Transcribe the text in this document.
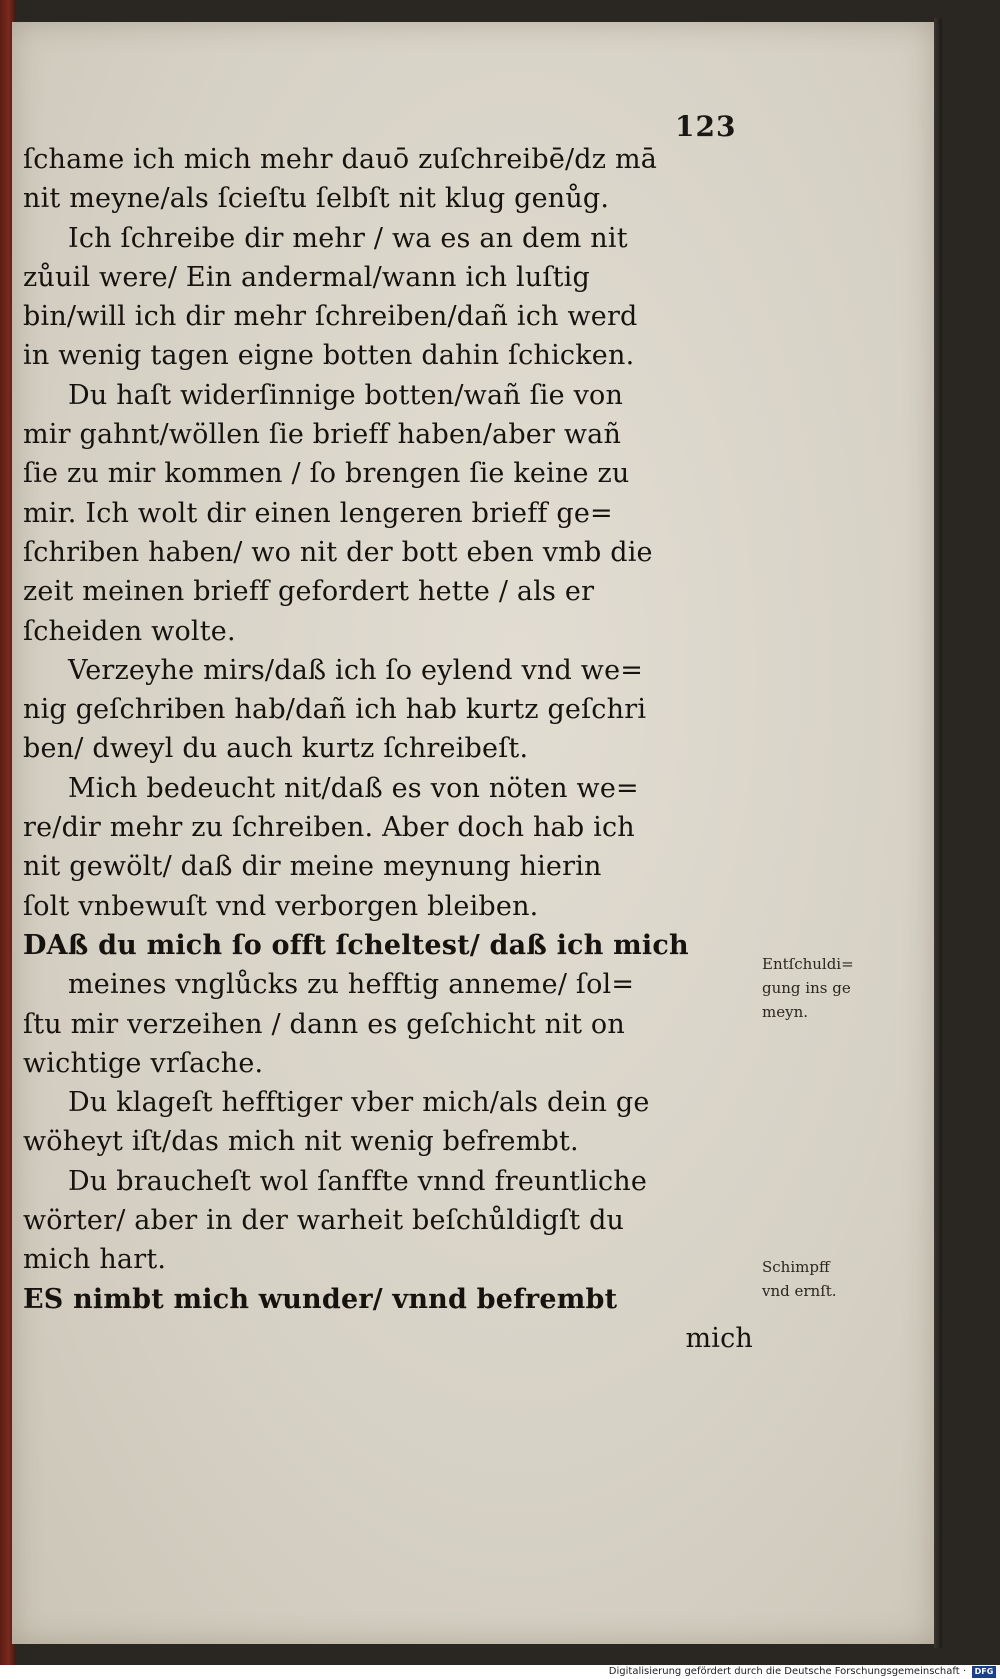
123
ſchame ich mich mehr dauō zuſchreibē/dz mā
nit meyne/als ſcieſtu ſelbſt nit klug genůg.
Ich ſchreibe dir mehr / wa es an dem nit
zůuil were/ Ein andermal/wann ich luſtig
bin/will ich dir mehr ſchreiben/dañ ich werd
in wenig tagen eigne botten dahin ſchicken.
Du haſt widerſinnige botten/wañ ſie von
mir gahnt/wöllen ſie brieff haben/aber wañ
ſie zu mir kommen / ſo brengen ſie keine zu
mir. Ich wolt dir einen lengeren brieff ge=
ſchriben haben/ wo nit der bott eben vmb die
zeit meinen brieff gefordert hette / als er
ſcheiden wolte.
Verzeyhe mirs/daß ich ſo eylend vnd we=
nig geſchriben hab/dañ ich hab kurtz geſchri
ben/ dweyl du auch kurtz ſchreibeſt.
Mich bedeucht nit/daß es von nöten we=
re/dir mehr zu ſchreiben. Aber doch hab ich
nit gewölt/ daß dir meine meynung hierin
ſolt vnbewuſt vnd verborgen bleiben.
DAß du mich ſo offt ſcheltest/ daß ich mich
meines vnglůcks zu hefftig anneme/ ſol=
ſtu mir verzeihen / dann es geſchicht nit on
wichtige vrſache.
Du klageſt hefftiger vber mich/als dein ge
wöheyt iſt/das mich nit wenig befrembt.
Du braucheſt wol ſanffte vnnd freuntliche
wörter/ aber in der warheit beſchůldigſt du
mich hart.
ES nimbt mich wunder/ vnnd befrembt
mich
Entſchuldi=
gung ins ge
meyn.
Schimpff
vnd ernſt.
Digitalisierung gefördert durch die Deutsche Forschungsgemeinschaft ·	DFG
